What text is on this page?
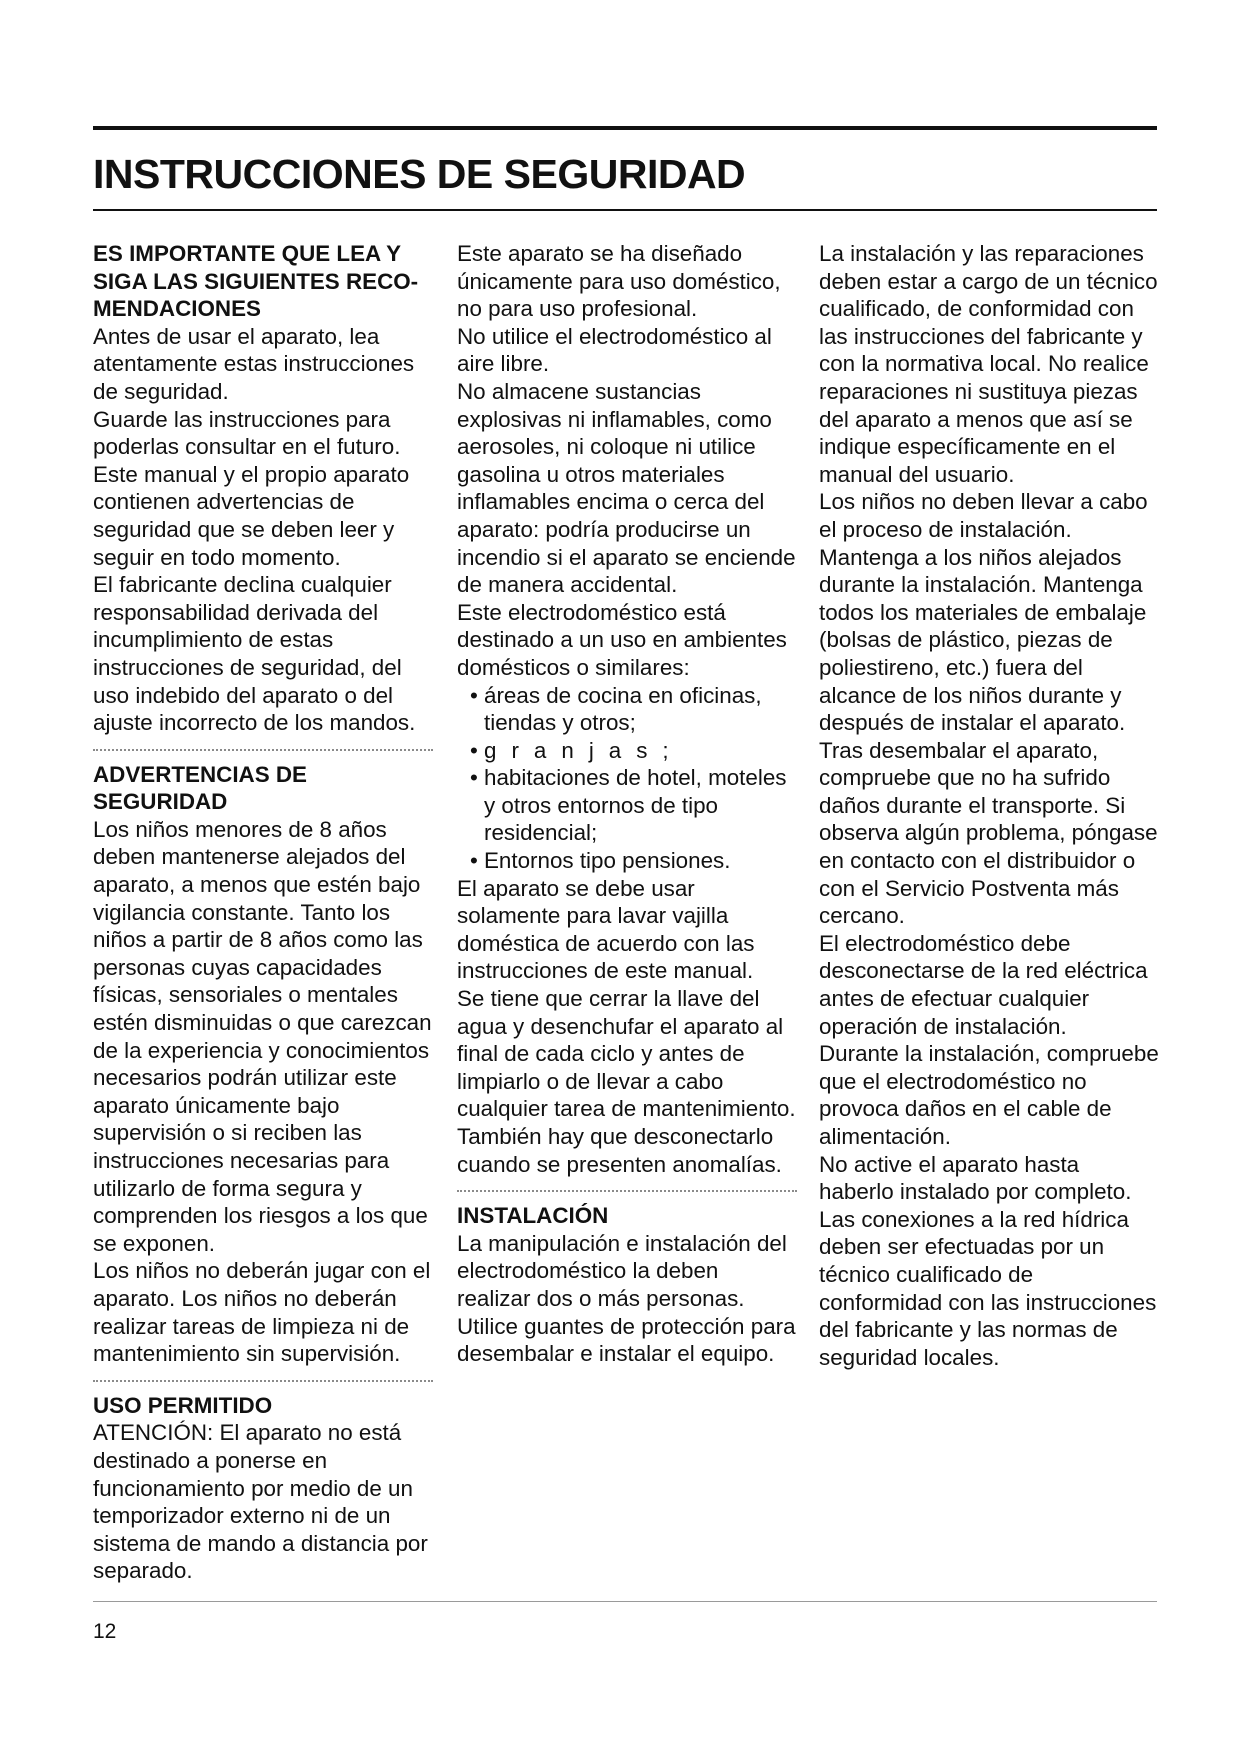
INSTRUCCIONES DE SEGURIDAD
ES IMPORTANTE QUE LEA Y SIGA LAS SIGUIENTES RECO- MENDACIONES

Antes de usar el aparato, lea atentamente estas instrucciones de seguridad.

Guarde las instrucciones para poderlas consultar en el futuro.

Este manual y el propio aparato contienen advertencias de seguridad que se deben leer y seguir en todo momento.

El fabricante declina cualquier responsabilidad derivada del incumplimiento de estas instrucciones de seguridad, del uso indebido del aparato o del ajuste incorrecto de los mandos.

ADVERTENCIAS DE SEGURIDAD

Los niños menores de 8 años deben mantenerse alejados del aparato, a menos que estén bajo vigilancia constante. Tanto los niños a partir de 8 años como las personas cuyas capacidades físicas, sensoriales o mentales estén disminuidas o que carezcan de la experiencia y conocimientos necesarios podrán utilizar este aparato únicamente bajo supervisión o si reciben las instrucciones necesarias para utilizarlo de forma segura y comprenden los riesgos a los que se exponen.

Los niños no deberán jugar con el aparato. Los niños no deberán realizar tareas de limpieza ni de mantenimiento sin supervisión.

USO PERMITIDO

ATENCIÓN: El aparato no está destinado a ponerse en funcionamiento por medio de un temporizador externo ni de un sistema de mando a distancia por separado.

Este aparato se ha diseñado únicamente para uso doméstico, no para uso profesional.

No utilice el electrodoméstico al aire libre.

No almacene sustancias explosivas ni inflamables, como aerosoles, ni coloque ni utilice gasolina u otros materiales inflamables encima o cerca del aparato: podría producirse un incendio si el aparato se enciende de manera accidental.

Este electrodoméstico está destinado a un uso en ambientes domésticos o similares:

• áreas de cocina en oficinas, tiendas y otros;
• granjas;
• habitaciones de hotel, moteles y otros entornos de tipo residencial;
• Entornos tipo pensiones.

El aparato se debe usar solamente para lavar vajilla doméstica de acuerdo con las instrucciones de este manual.

Se tiene que cerrar la llave del agua y desenchufar el aparato al final de cada ciclo y antes de limpiarlo o de llevar a cabo cualquier tarea de mantenimiento.

También hay que desconectarlo cuando se presenten anomalías.

INSTALACIÓN

La manipulación e instalación del electrodoméstico la deben realizar dos o más personas. Utilice guantes de protección para desembalar e instalar el equipo.

La instalación y las reparaciones deben estar a cargo de un técnico cualificado, de conformidad con las instrucciones del fabricante y con la normativa local. No realice reparaciones ni sustituya piezas del aparato a menos que así se indique específicamente en el manual del usuario.

Los niños no deben llevar a cabo el proceso de instalación. Mantenga a los niños alejados durante la instalación. Mantenga todos los materiales de embalaje (bolsas de plástico, piezas de poliestireno, etc.) fuera del alcance de los niños durante y después de instalar el aparato.

Tras desembalar el aparato, compruebe que no ha sufrido daños durante el transporte. Si observa algún problema, póngase en contacto con el distribuidor o con el Servicio Postventa más cercano.

El electrodoméstico debe desconectarse de la red eléctrica antes de efectuar cualquier operación de instalación.

Durante la instalación, compruebe que el electrodoméstico no provoca daños en el cable de alimentación.

No active el aparato hasta haberlo instalado por completo.

Las conexiones a la red hídrica deben ser efectuadas por un técnico cualificado de conformidad con las instrucciones del fabricante y las normas de seguridad locales.

12
